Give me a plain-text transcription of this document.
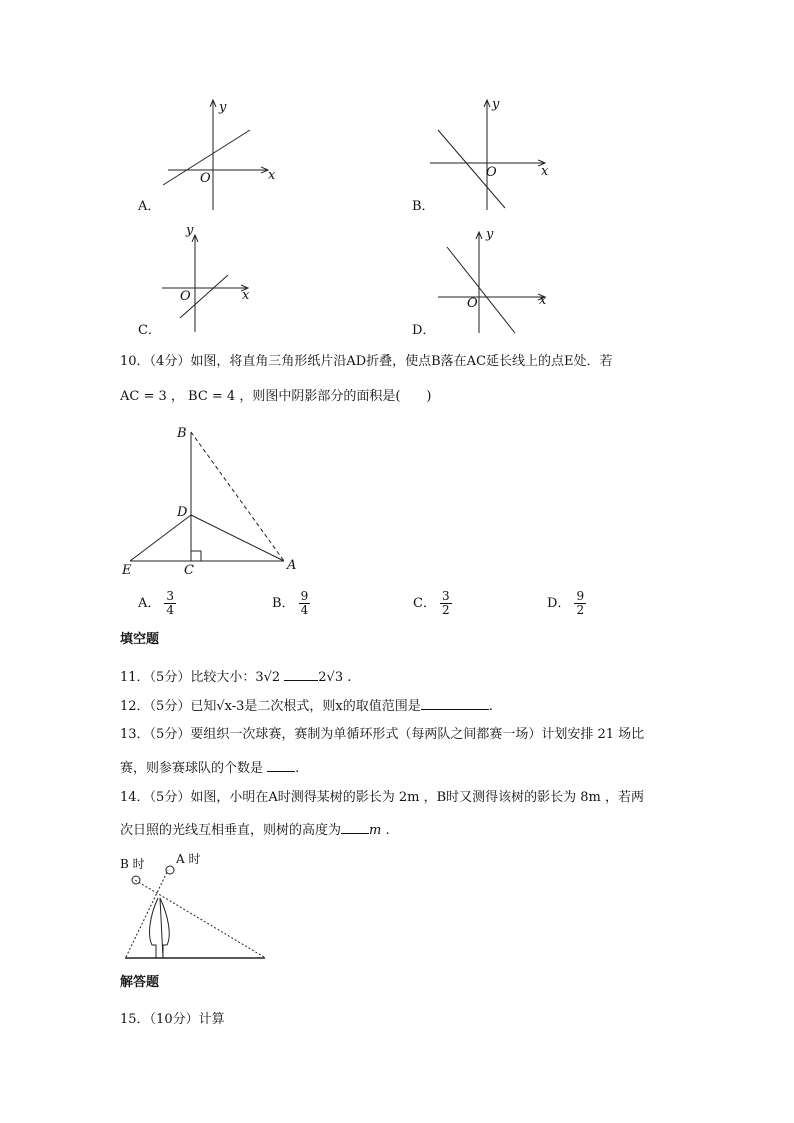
y
x
O
A．
y
x
O
B．
y
x
O
C．
y
x
O
D．
10．（4分）如图，将直角三角形纸片沿AD折叠，使点B落在AC延长线上的点E处．若
AC = 3 ， BC = 4 ，则图中阴影部分的面积是(　　)
B
D
C
E	A
A． $\frac{3}{4}$	B． $\frac{9}{4}$	C． $\frac{3}{2}$	D． $\frac{9}{2}$
填空题
11．（5分）比较大小：3√2	2√3 .
12．（5分）已知√x-3是二次根式，则x的取值范围是	.
13．（5分）要组织一次球赛，赛制为单循环形式（每两队之间都赛一场）计划安排 21 场比
赛，则参赛球队的个数是 .
14．（5分）如图，小明在A时测得某树的影长为 2m ，B时又测得该树的影长为 8m ，若两
次日照的光线互相垂直，则树的高度为 m .
B 时	A 时
解答题
15．（10分）计算
